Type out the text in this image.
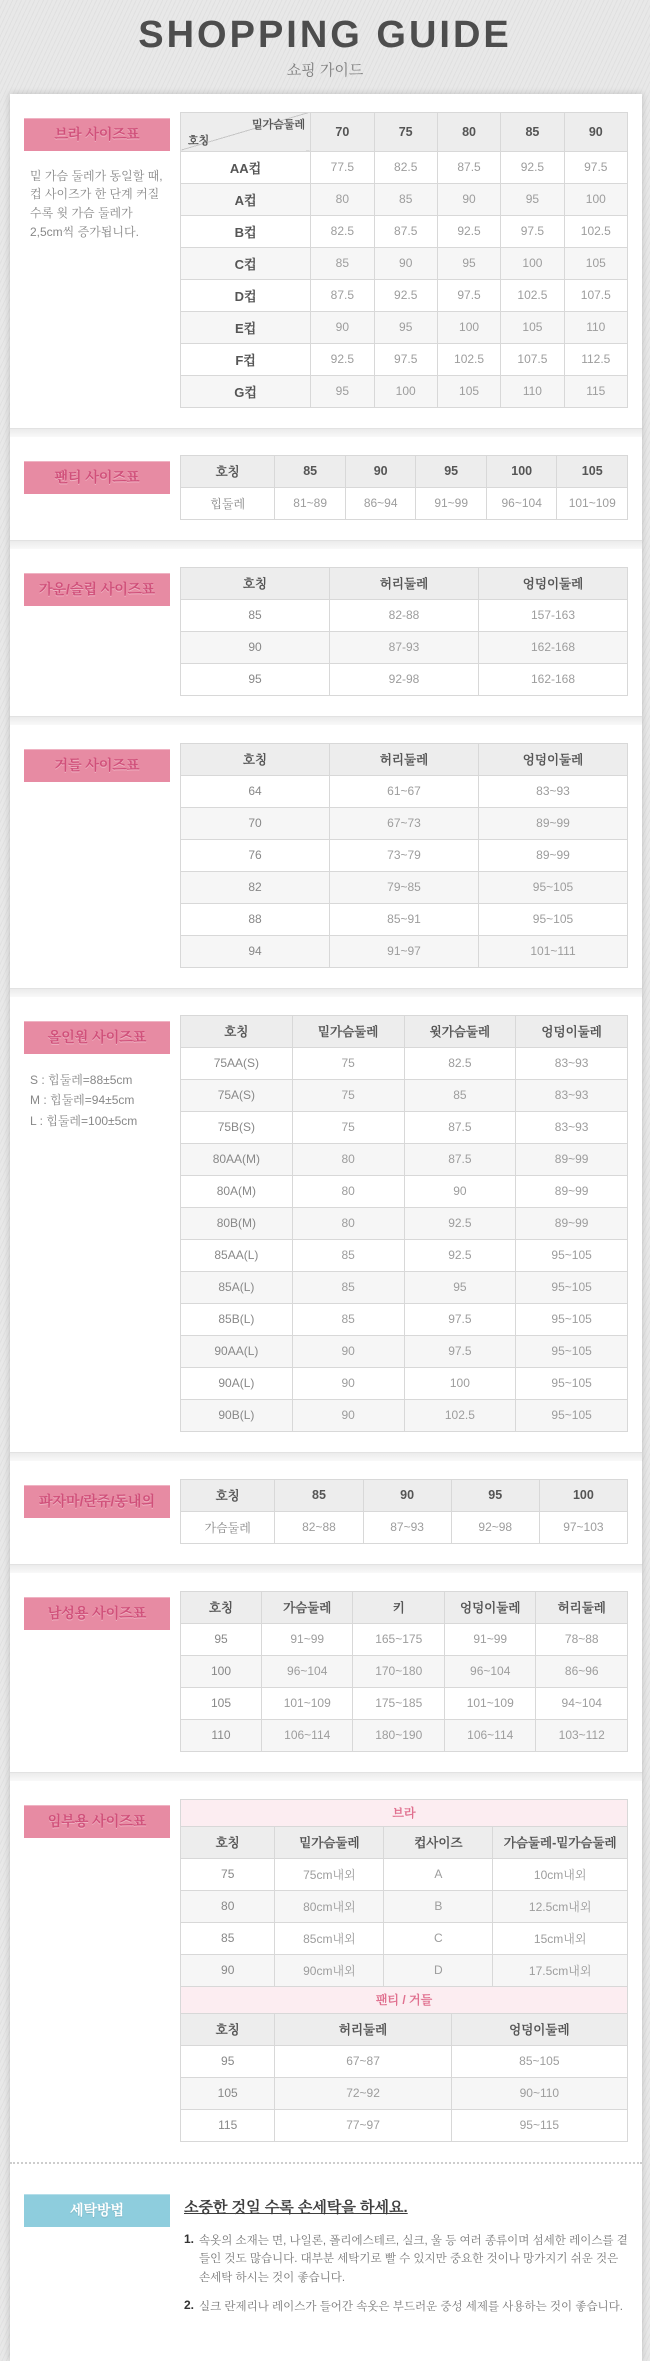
SHOPPING GUIDE
쇼핑 가이드
브라 사이즈표

밑 가슴 둘레가 동일할 때, 컵 사이즈가 한 단계 커질수록 윗 가슴 둘레가 2,5cm씩 증가됩니다.

밑가슴둘레
호칭	70	75	80	85	90
AA컵	77.5	82.5	87.5	92.5	97.5
A컵	80	85	90	95	100
B컵	82.5	87.5	92.5	97.5	102.5
C컵	85	90	95	100	105
D컵	87.5	92.5	97.5	102.5	107.5
E컵	90	95	100	105	110
F컵	92.5	97.5	102.5	107.5	112.5
G컵	95	100	105	110	115
팬티 사이즈표	호칭	85	90	95	100	105
힙둘레	81~89	86~94	91~99	96~104	101~109
가운/슬립 사이즈표	호칭	허리둘레	엉덩이둘레
85	82-88	157-163
90	87-93	162-168
95	92-98	162-168
거들 사이즈표	호칭	허리둘레	엉덩이둘레
64	61~67	83~93
70	67~73	89~99
76	73~79	89~99
82	79~85	95~105
88	85~91	95~105
94	91~97	101~111
올인원 사이즈표
S : 힙둘레=88±5cm
M : 힙둘레=94±5cm
L : 힙둘레=100±5cm
호칭	밑가슴둘레	윗가슴둘레	엉덩이둘레
75AA(S)	75	82.5	83~93
75A(S)	75	85	83~93
75B(S)	75	87.5	83~93
80AA(M)	80	87.5	89~99
80A(M)	80	90	89~99
80B(M)	80	92.5	89~99
85AA(L)	85	92.5	95~105
85A(L)	85	95	95~105
85B(L)	85	97.5	95~105
90AA(L)	90	97.5	95~105
90A(L)	90	100	95~105
90B(L)	90	102.5	95~105
파자마/란쥬/동내의	호칭	85	90	95	100
가슴둘레	82~88	87~93	92~98	97~103
남성용 사이즈표	호칭	가슴둘레	키	엉덩이둘레	허리둘레
95	91~99	165~175	91~99	78~88
100	96~104	170~180	96~104	86~96
105	101~109	175~185	101~109	94~104
110	106~114	180~190	106~114	103~112
임부용 사이즈표	브라
호칭	밑가슴둘레	컵사이즈	가슴둘레-밑가슴둘레
75	75cm내외	A	10cm내외
80	80cm내외	B	12.5cm내외
85	85cm내외	C	15cm내외
90	90cm내외	D	17.5cm내외
팬티 / 거들
호칭	허리둘레	엉덩이둘레
95	67~87	85~105
105	72~92	90~110
115	77~97	95~115
세탁방법	소중한 것일 수록 손세탁을 하세요.
1. 속옷의 소재는 면, 나일론, 폴리에스테르, 실크, 울 등 여러 종류이며 섬세한 레이스를 곁들인 것도 많습니다. 대부분 세탁기로 빨 수 있지만 중요한 것이나 망가지기 쉬운 것은 손세탁 하시는 것이 좋습니다.
2. 실크 란제리나 레이스가 들어간 속옷은 부드러운 중성 세제를 사용하는 것이 좋습니다.
